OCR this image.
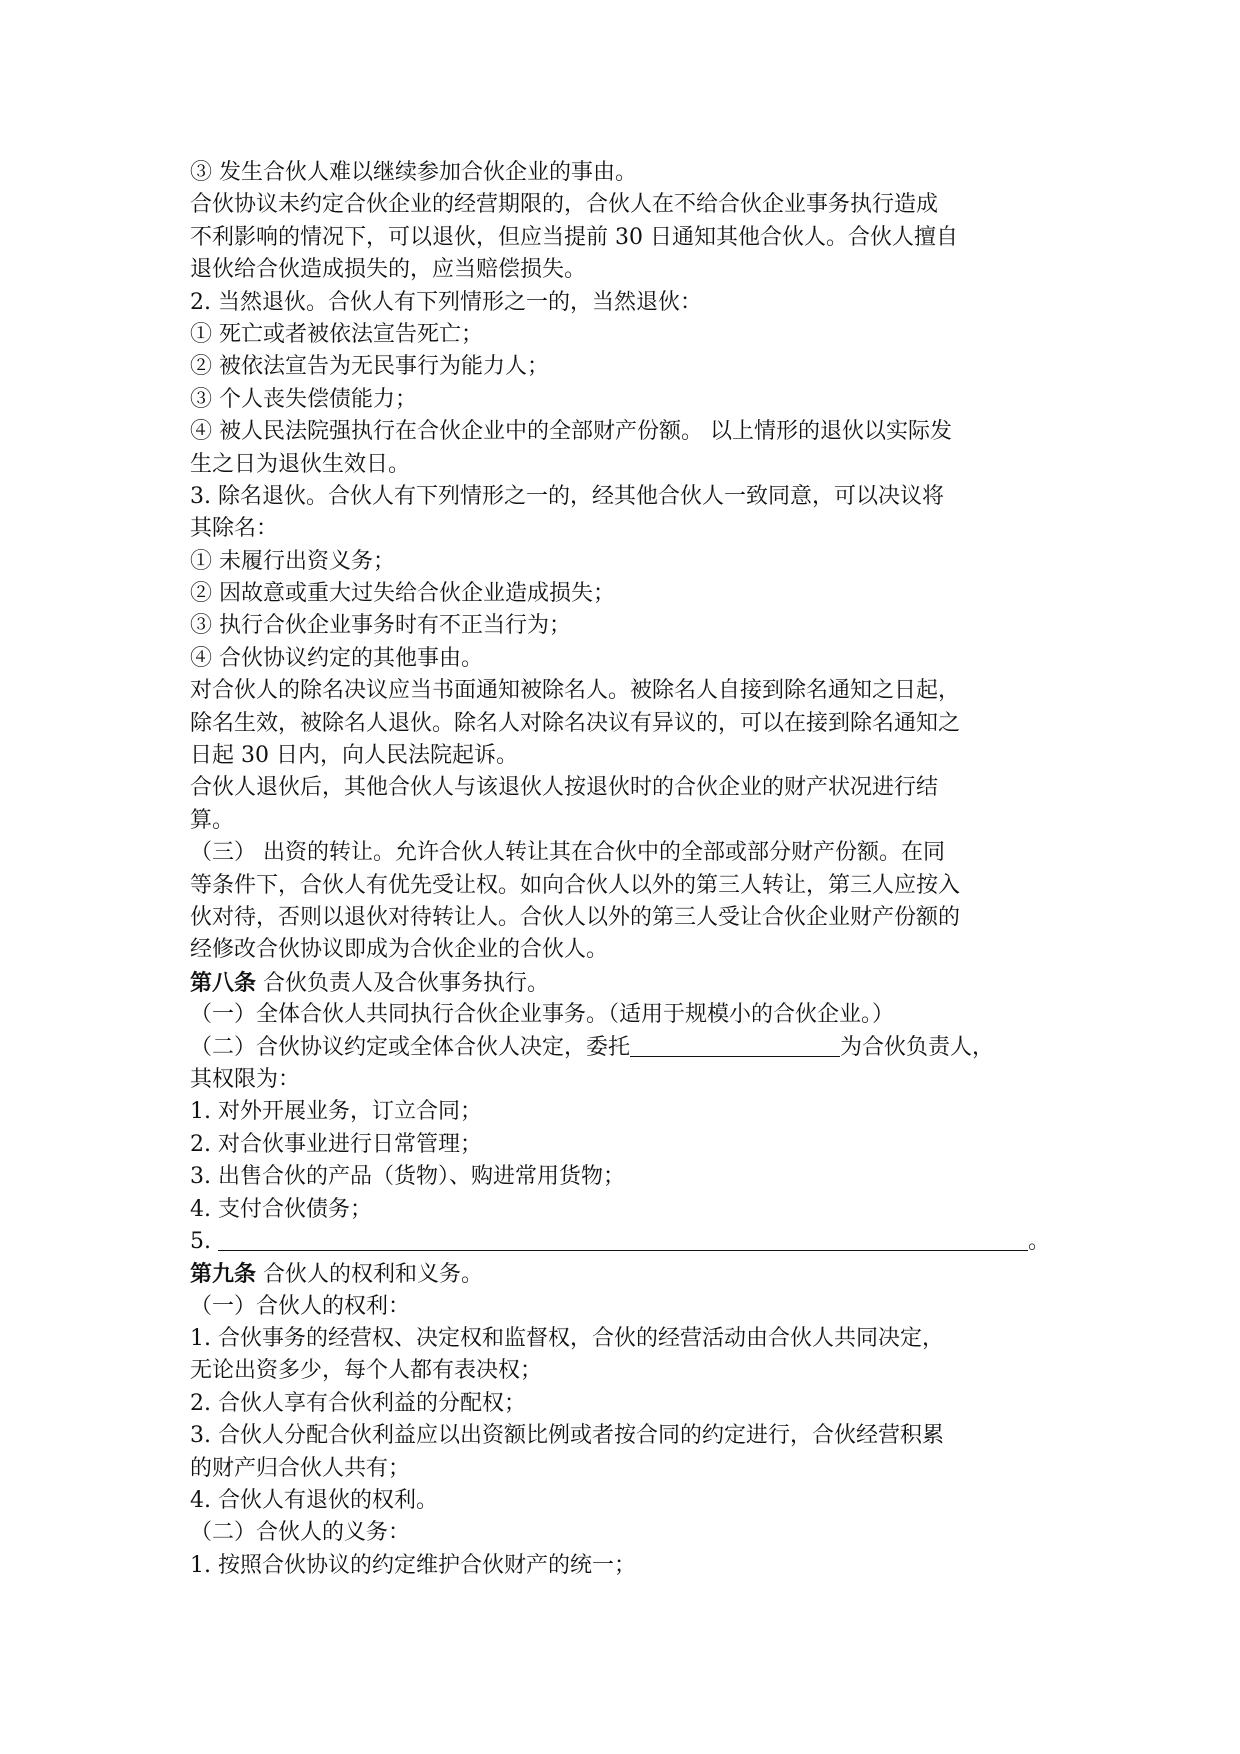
③ 发生合伙人难以继续参加合伙企业的事由。
合伙协议未约定合伙企业的经营期限的，合伙人在不给合伙企业事务执行造成
不利影响的情况下，可以退伙，但应当提前 30 日通知其他合伙人。合伙人擅自
退伙给合伙造成损失的，应当赔偿损失。
2. 当然退伙。合伙人有下列情形之一的，当然退伙：
① 死亡或者被依法宣告死亡；
② 被依法宣告为无民事行为能力人；
③ 个人丧失偿债能力；
④ 被人民法院强执行在合伙企业中的全部财产份额。 以上情形的退伙以实际发
生之日为退伙生效日。
3. 除名退伙。合伙人有下列情形之一的，经其他合伙人一致同意，可以决议将
其除名：
① 未履行出资义务；
② 因故意或重大过失给合伙企业造成损失；
③ 执行合伙企业事务时有不正当行为；
④ 合伙协议约定的其他事由。
对合伙人的除名决议应当书面通知被除名人。被除名人自接到除名通知之日起，
除名生效，被除名人退伙。除名人对除名决议有异议的，可以在接到除名通知之
日起 30 日内，向人民法院起诉。
合伙人退伙后，其他合伙人与该退伙人按退伙时的合伙企业的财产状况进行结
算。
（三） 出资的转让。允许合伙人转让其在合伙中的全部或部分财产份额。在同
等条件下，合伙人有优先受让权。如向合伙人以外的第三人转让，第三人应按入
伙对待，否则以退伙对待转让人。合伙人以外的第三人受让合伙企业财产份额的
经修改合伙协议即成为合伙企业的合伙人。
第八条 合伙负责人及合伙事务执行。
（一）全体合伙人共同执行合伙企业事务。（适用于规模小的合伙企业。）
（二）合伙协议约定或全体合伙人决定，委托	为合伙负责人，
其权限为：
1. 对外开展业务，订立合同；
2. 对合伙事业进行日常管理；
3. 出售合伙的产品（货物）、购进常用货物；
4. 支付合伙债务；
5.	。
第九条 合伙人的权利和义务。
（一）合伙人的权利：
1. 合伙事务的经营权、决定权和监督权，合伙的经营活动由合伙人共同决定，
无论出资多少，每个人都有表决权；
2. 合伙人享有合伙利益的分配权；
3. 合伙人分配合伙利益应以出资额比例或者按合同的约定进行，合伙经营积累
的财产归合伙人共有；
4. 合伙人有退伙的权利。
（二）合伙人的义务：
1. 按照合伙协议的约定维护合伙财产的统一；
